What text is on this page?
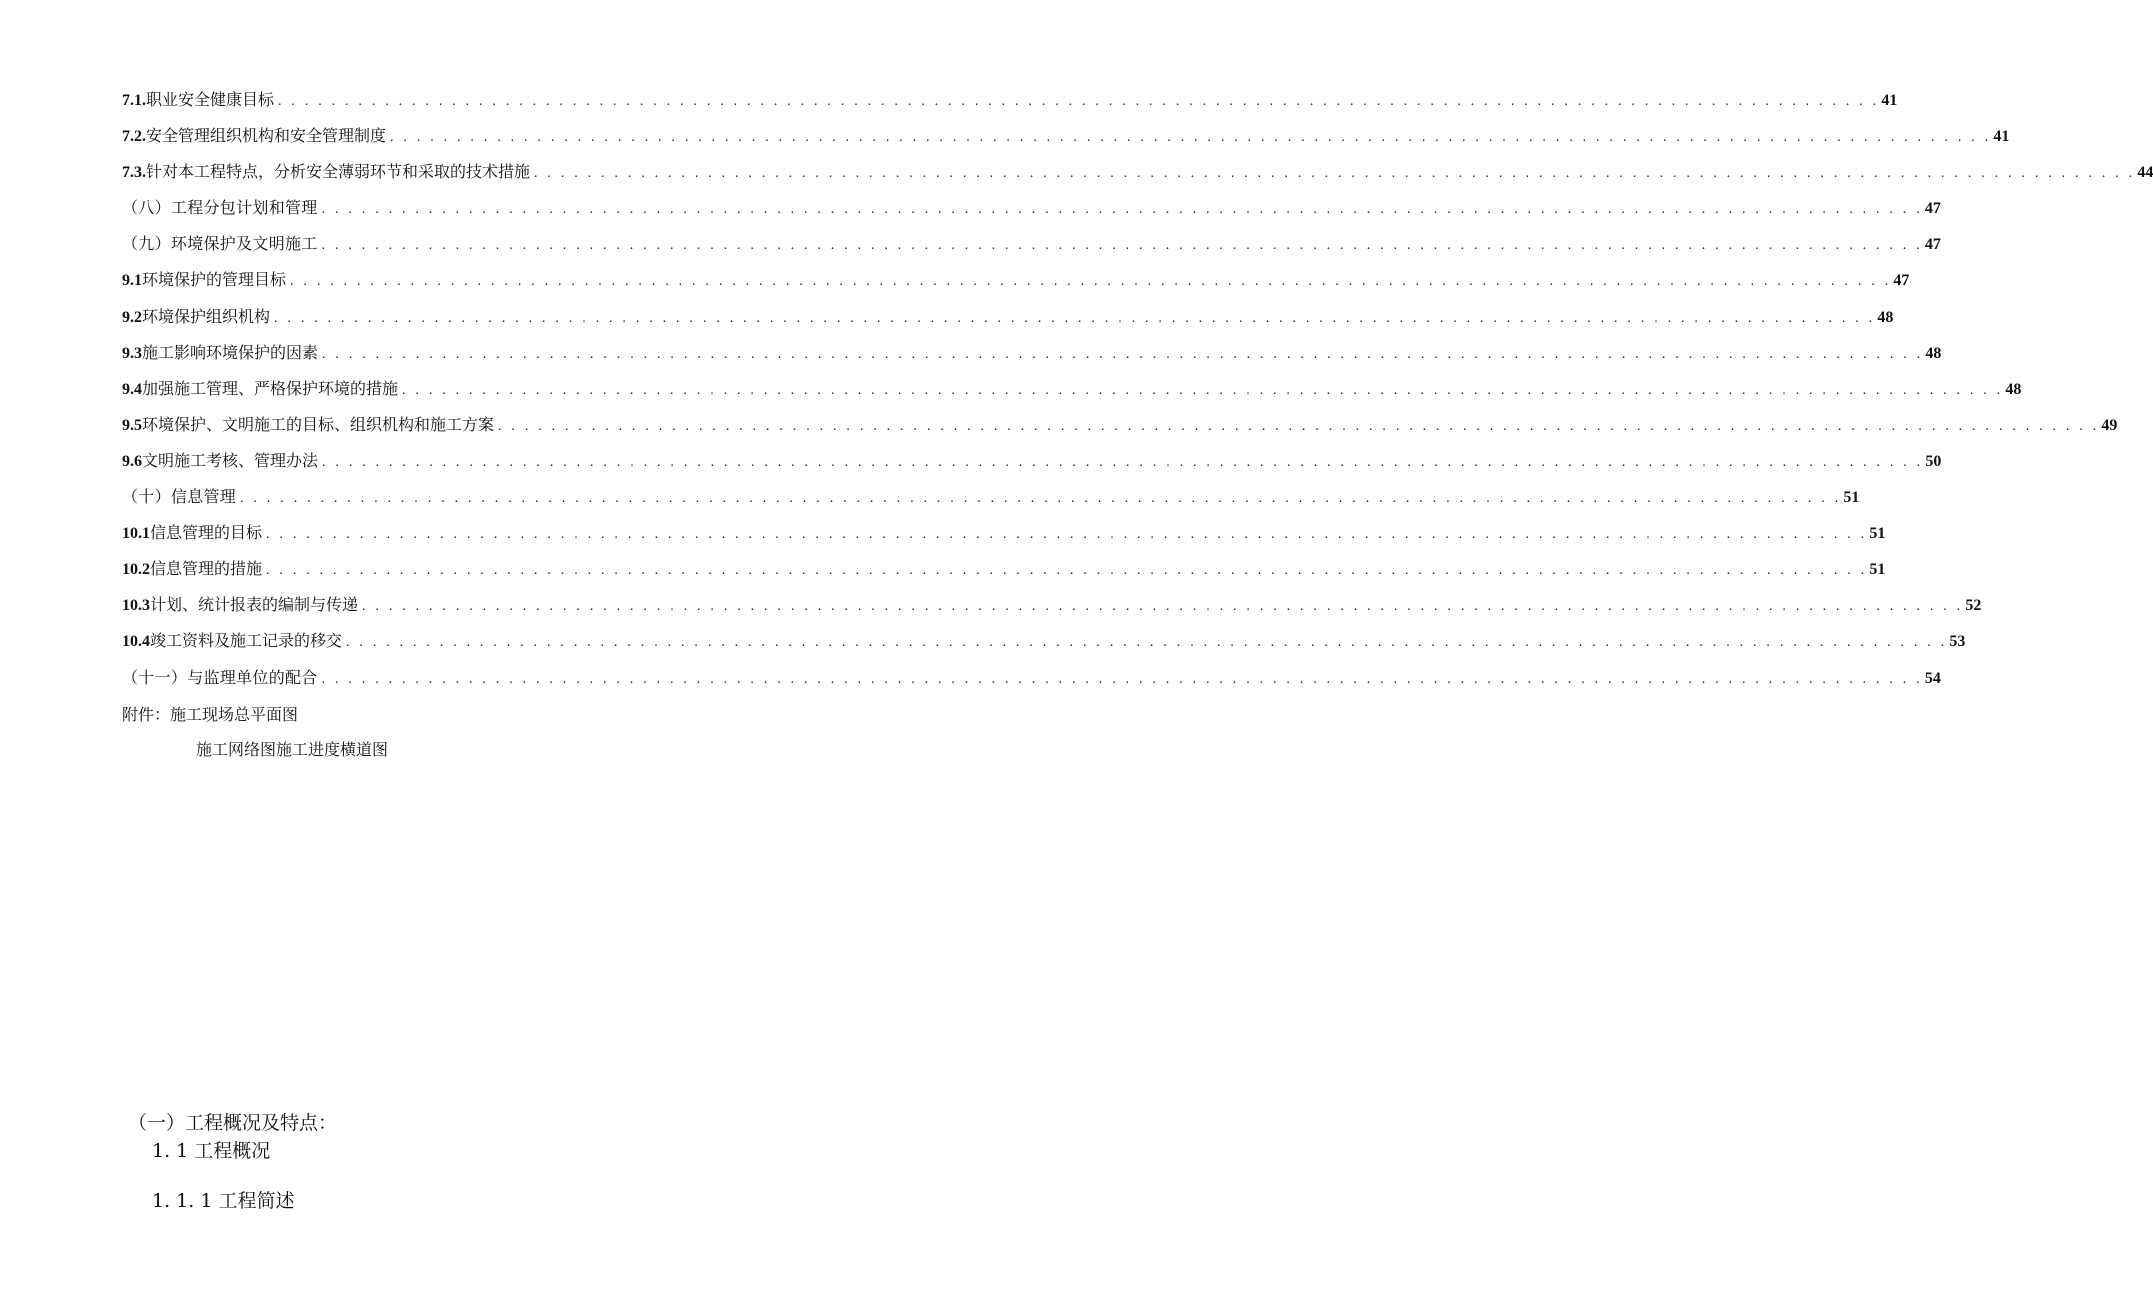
7.1. 职业安全健康目标 . . . . . . . . . . . . . . . . . . . . . . . . . . . . . . . . . . . . . . . . . . . . . . . . . . . . . . . . . . . . . . . . . . . . . . . . . . . . . . . . . . . . . . . . . . . . . . . . . . . . . . . . . . . . . . . . . . . . . . . . 41
7.2. 安全管理组织机构和安全管理制度 . . . . . . . . . . . . . . . . . . . . . . . . . . . . . . . . . . . . . . . . . . . . . . . . . . . . . . . . . . . . . . . . . . . . . . . . . . . . . . . . . . . . . . . . . . . . . . . . . . . . . . . . . . . . . . . . . . . . . . . . 41
7.3. 针对本工程特点，分析安全薄弱环节和采取的技术措施 . . . . . . . . . . . . . . . . . . . . . . . . . . . . . . . . . . . . . . . . . . . . . . . . . . . . . . . . . . . . . . . . . . . . . . . . . . . . . . . . . . . . . . . . . . . . . . . . . . . . . . . . . . . . . . . . . . . . . . . . 44
（八）工程分包计划和管理 . . . . . . . . . . . . . . . . . . . . . . . . . . . . . . . . . . . . . . . . . . . . . . . . . . . . . . . . . . . . . . . . . . . . . . . . . . . . . . . . . . . . . . . . . . . . . . . . . . . . . . . . . . . . . . . . . . . . . . . . 47
（九）环境保护及文明施工 . . . . . . . . . . . . . . . . . . . . . . . . . . . . . . . . . . . . . . . . . . . . . . . . . . . . . . . . . . . . . . . . . . . . . . . . . . . . . . . . . . . . . . . . . . . . . . . . . . . . . . . . . . . . . . . . . . . . . . . . 47
9.1 环境保护的管理目标 . . . . . . . . . . . . . . . . . . . . . . . . . . . . . . . . . . . . . . . . . . . . . . . . . . . . . . . . . . . . . . . . . . . . . . . . . . . . . . . . . . . . . . . . . . . . . . . . . . . . . . . . . . . . . . . . . . . . . . . . 47
9.2 环境保护组织机构 . . . . . . . . . . . . . . . . . . . . . . . . . . . . . . . . . . . . . . . . . . . . . . . . . . . . . . . . . . . . . . . . . . . . . . . . . . . . . . . . . . . . . . . . . . . . . . . . . . . . . . . . . . . . . . . . . . . . . . . . 48
9.3 施工影响环境保护的因素 . . . . . . . . . . . . . . . . . . . . . . . . . . . . . . . . . . . . . . . . . . . . . . . . . . . . . . . . . . . . . . . . . . . . . . . . . . . . . . . . . . . . . . . . . . . . . . . . . . . . . . . . . . . . . . . . . . . . . . . . 48
9.4 加强施工管理、严格保护环境的措施 . . . . . . . . . . . . . . . . . . . . . . . . . . . . . . . . . . . . . . . . . . . . . . . . . . . . . . . . . . . . . . . . . . . . . . . . . . . . . . . . . . . . . . . . . . . . . . . . . . . . . . . . . . . . . . . . . . . . . . . . 48
9.5 环境保护、文明施工的目标、组织机构和施工方案 . . . . . . . . . . . . . . . . . . . . . . . . . . . . . . . . . . . . . . . . . . . . . . . . . . . . . . . . . . . . . . . . . . . . . . . . . . . . . . . . . . . . . . . . . . . . . . . . . . . . . . . . . . . . . . . . . . . . . . . . 49
9.6 文明施工考核、管理办法 . . . . . . . . . . . . . . . . . . . . . . . . . . . . . . . . . . . . . . . . . . . . . . . . . . . . . . . . . . . . . . . . . . . . . . . . . . . . . . . . . . . . . . . . . . . . . . . . . . . . . . . . . . . . . . . . . . . . . . . . 50
（十）信息管理 . . . . . . . . . . . . . . . . . . . . . . . . . . . . . . . . . . . . . . . . . . . . . . . . . . . . . . . . . . . . . . . . . . . . . . . . . . . . . . . . . . . . . . . . . . . . . . . . . . . . . . . . . . . . . . . . . . . . . . . . 51
10.1 信息管理的目标 . . . . . . . . . . . . . . . . . . . . . . . . . . . . . . . . . . . . . . . . . . . . . . . . . . . . . . . . . . . . . . . . . . . . . . . . . . . . . . . . . . . . . . . . . . . . . . . . . . . . . . . . . . . . . . . . . . . . . . . . 51
10.2 信息管理的措施 . . . . . . . . . . . . . . . . . . . . . . . . . . . . . . . . . . . . . . . . . . . . . . . . . . . . . . . . . . . . . . . . . . . . . . . . . . . . . . . . . . . . . . . . . . . . . . . . . . . . . . . . . . . . . . . . . . . . . . . . 51
10.3 计划、统计报表的编制与传递 . . . . . . . . . . . . . . . . . . . . . . . . . . . . . . . . . . . . . . . . . . . . . . . . . . . . . . . . . . . . . . . . . . . . . . . . . . . . . . . . . . . . . . . . . . . . . . . . . . . . . . . . . . . . . . . . . . . . . . . . 52
10.4 竣工资料及施工记录的移交 . . . . . . . . . . . . . . . . . . . . . . . . . . . . . . . . . . . . . . . . . . . . . . . . . . . . . . . . . . . . . . . . . . . . . . . . . . . . . . . . . . . . . . . . . . . . . . . . . . . . . . . . . . . . . . . . . . . . . . . . 53
（十一）与监理单位的配合 . . . . . . . . . . . . . . . . . . . . . . . . . . . . . . . . . . . . . . . . . . . . . . . . . . . . . . . . . . . . . . . . . . . . . . . . . . . . . . . . . . . . . . . . . . . . . . . . . . . . . . . . . . . . . . . . . . . . . . . . 54
附件：施工现场总平面图
施工网络图施工进度横道图
（一）工程概况及特点：
1. 1 工程概况
1. 1. 1 工程简述
